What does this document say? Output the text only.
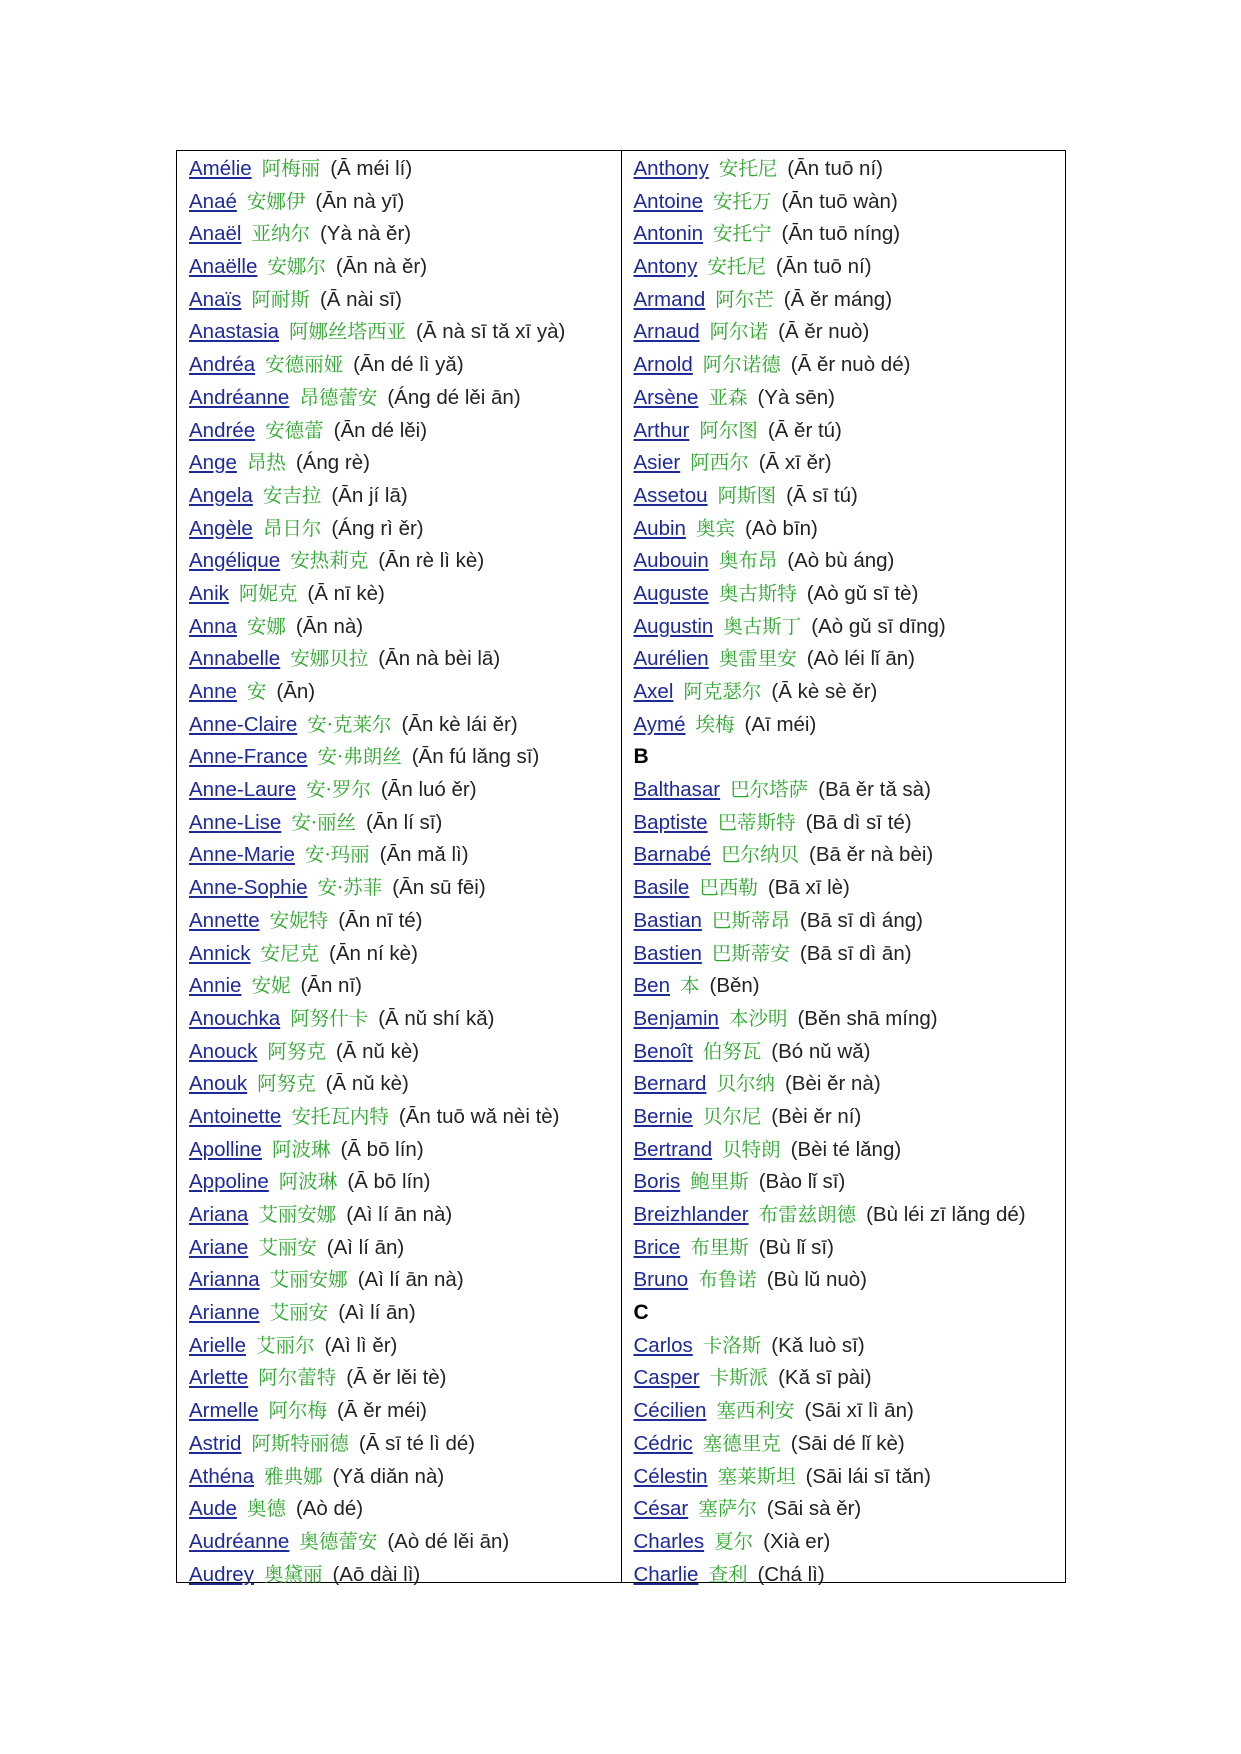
Amélie 阿梅丽 (Ā méi lí)
Anaé 安娜伊 (Ān nà yī)
Anaël 亚纳尔 (Yà nà ěr)
Anaëlle 安娜尔 (Ān nà ěr)
Anaïs 阿耐斯 (Ā nài sī)
Anastasia 阿娜丝塔西亚 (Ā nà sī tǎ xī yà)
Andréa 安德丽娅 (Ān dé lì yǎ)
Andréanne 昂德蕾安 (Áng dé lěi ān)
Andrée 安德蕾 (Ān dé lěi)
Ange 昂热 (Áng rè)
Angela 安吉拉 (Ān jí lā)
Angèle 昂日尔 (Áng rì ěr)
Angélique 安热莉克 (Ān rè lì kè)
Anik 阿妮克 (Ā nī kè)
Anna 安娜 (Ān nà)
Annabelle 安娜贝拉 (Ān nà bèi lā)
Anne 安 (Ān)
Anne-Claire 安·克莱尔 (Ān kè lái ěr)
Anne-France 安·弗朗丝 (Ān fú lǎng sī)
Anne-Laure 安·罗尔 (Ān luó ěr)
Anne-Lise 安·丽丝 (Ān lí sī)
Anne-Marie 安·玛丽 (Ān mǎ lì)
Anne-Sophie 安·苏菲 (Ān sū fēi)
Annette 安妮特 (Ān nī té)
Annick 安尼克 (Ān ní kè)
Annie 安妮 (Ān nī)
Anouchka 阿努什卡 (Ā nǔ shí kǎ)
Anouck 阿努克 (Ā nǔ kè)
Anouk 阿努克 (Ā nǔ kè)
Antoinette 安托瓦内特 (Ān tuō wǎ nèi tè)
Apolline 阿波琳 (Ā bō lín)
Appoline 阿波琳 (Ā bō lín)
Ariana 艾丽安娜 (Aì lí ān nà)
Ariane 艾丽安 (Aì lí ān)
Arianna 艾丽安娜 (Aì lí ān nà)
Arianne 艾丽安 (Aì lí ān)
Arielle 艾丽尔 (Aì lì ěr)
Arlette 阿尔蕾特 (Ā ěr lěi tè)
Armelle 阿尔梅 (Ā ěr méi)
Astrid 阿斯特丽德 (Ā sī té lì dé)
Athéna 雅典娜 (Yǎ diǎn nà)
Aude 奥德 (Aò dé)
Audréanne 奥德蕾安 (Aò dé lěi ān)
Audrey 奥黛丽 (Aō dài lì)
Anthony 安托尼 (Ān tuō ní)
Antoine 安托万 (Ān tuō wàn)
Antonin 安托宁 (Ān tuō níng)
Antony 安托尼 (Ān tuō ní)
Armand 阿尔芒 (Ā ěr máng)
Arnaud 阿尔诺 (Ā ěr nuò)
Arnold 阿尔诺德 (Ā ěr nuò dé)
Arsène 亚森 (Yà sēn)
Arthur 阿尔图 (Ā ěr tú)
Asier 阿西尔 (Ā xī ěr)
Assetou 阿斯图 (Ā sī tú)
Aubin 奥宾 (Aò bīn)
Aubouin 奥布昂 (Aò bù áng)
Auguste 奥古斯特 (Aò gǔ sī tè)
Augustin 奥古斯丁 (Aò gǔ sī dīng)
Aurélien 奥雷里安 (Aò léi lǐ ān)
Axel 阿克瑟尔 (Ā kè sè ěr)
Aymé 埃梅 (Aī méi)
B
Balthasar 巴尔塔萨 (Bā ěr tǎ sà)
Baptiste 巴蒂斯特 (Bā dì sī té)
Barnabé 巴尔纳贝 (Bā ěr nà bèi)
Basile 巴西勒 (Bā xī lè)
Bastian 巴斯蒂昂 (Bā sī dì áng)
Bastien 巴斯蒂安 (Bā sī dì ān)
Ben 本 (Běn)
Benjamin 本沙明 (Běn shā míng)
Benoît 伯努瓦 (Bó nǔ wǎ)
Bernard 贝尔纳 (Bèi ěr nà)
Bernie 贝尔尼 (Bèi ěr ní)
Bertrand 贝特朗 (Bèi té lǎng)
Boris 鲍里斯 (Bào lǐ sī)
Breizhlander 布雷兹朗德 (Bù léi zī lǎng dé)
Brice 布里斯 (Bù lǐ sī)
Bruno 布鲁诺 (Bù lǔ nuò)
C
Carlos 卡洛斯 (Kǎ luò sī)
Casper 卡斯派 (Kǎ sī pài)
Cécilien 塞西利安 (Sāi xī lì ān)
Cédric 塞德里克 (Sāi dé lǐ kè)
Célestin 塞莱斯坦 (Sāi lái sī tǎn)
César 塞萨尔 (Sāi sà ěr)
Charles 夏尔 (Xià er)
Charlie 查利 (Chá lì)
